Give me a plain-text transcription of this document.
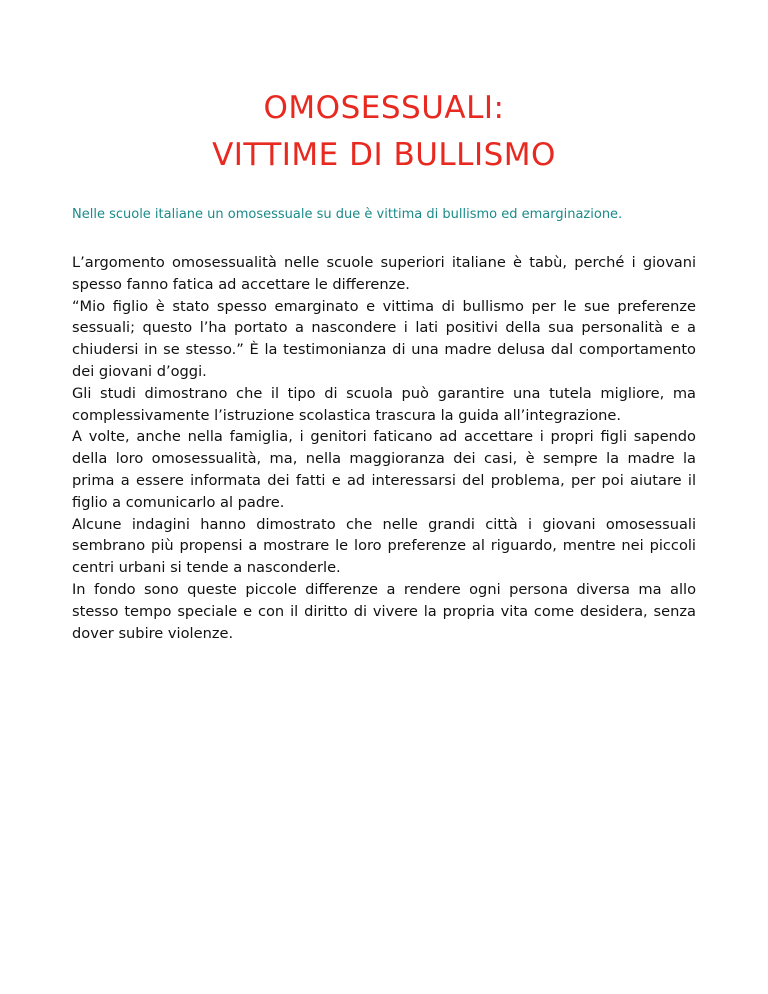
OMOSESSUALI:
VITTIME DI BULLISMO
Nelle scuole italiane un omosessuale su due è vittima di bullismo ed emarginazione.

L’argomento omosessualità nelle scuole superiori italiane è tabù, perché i giovani spesso fanno fatica ad accettare le differenze.

“Mio figlio è stato spesso emarginato e vittima di bullismo per le sue preferenze sessuali; questo l’ha portato a nascondere i lati positivi della sua personalità e a chiudersi in se stesso.” È la testimonianza di una madre delusa dal comportamento dei giovani d’oggi.

Gli studi dimostrano che il tipo di scuola può garantire una tutela migliore, ma complessivamente l’istruzione scolastica trascura la guida all’integrazione.

A volte, anche nella famiglia, i genitori faticano ad accettare i propri figli sapendo della loro omosessualità, ma, nella maggioranza dei casi, è sempre la madre la prima a essere informata dei fatti e ad interessarsi del problema, per poi aiutare il figlio a comunicarlo al padre.

Alcune indagini hanno dimostrato che nelle grandi città i giovani omosessuali sembrano più propensi a mostrare le loro preferenze al riguardo, mentre nei piccoli centri urbani si tende a nasconderle.

In fondo sono queste piccole differenze a rendere ogni persona diversa ma allo stesso tempo speciale e con il diritto di vivere la propria vita come desidera, senza dover subire violenze.
